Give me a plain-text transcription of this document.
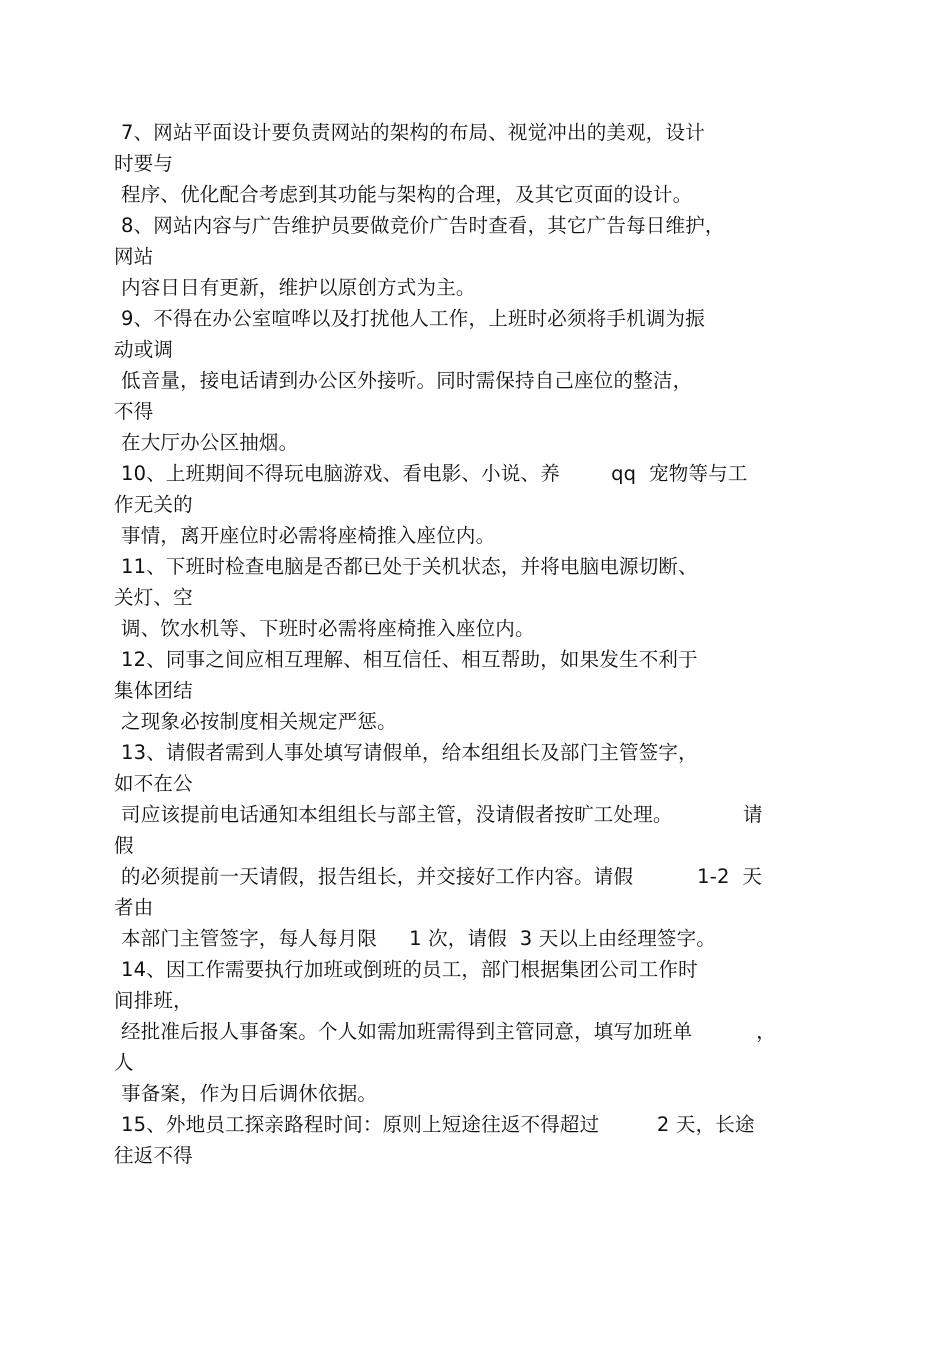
7、网站平面设计要负责网站的架构的布局、视觉冲出的美观，设计
时要与
程序、优化配合考虑到其功能与架构的合理，及其它页面的设计。
8、网站内容与广告维护员要做竞价广告时查看，其它广告每日维护，
网站
内容日日有更新，维护以原创方式为主。
9、不得在办公室喧哗以及打扰他人工作，上班时必须将手机调为振
动或调
低音量，接电话请到办公区外接听。同时需保持自己座位的整洁，
不得
在大厅办公区抽烟。
10、上班期间不得玩电脑游戏、看电影、小说、养        qq  宠物等与工
作无关的
事情，离开座位时必需将座椅推入座位内。
11、下班时检查电脑是否都已处于关机状态，并将电脑电源切断、
关灯、空
调、饮水机等、下班时必需将座椅推入座位内。
12、同事之间应相互理解、相互信任、相互帮助，如果发生不利于
集体团结
之现象必按制度相关规定严惩。
13、请假者需到人事处填写请假单，给本组组长及部门主管签字，
如不在公
司应该提前电话通知本组组长与部主管，没请假者按旷工处理。           请
假
的必须提前一天请假，报告组长，并交接好工作内容。请假          1-2  天
者由
本部门主管签字，每人每月限     1 次，请假  3 天以上由经理签字。
14、因工作需要执行加班或倒班的员工，部门根据集团公司工作时
间排班，
经批准后报人事备案。个人如需加班需得到主管同意，填写加班单          ，
人
事备案，作为日后调休依据。
15、外地员工探亲路程时间：原则上短途往返不得超过         2 天，长途
往返不得
